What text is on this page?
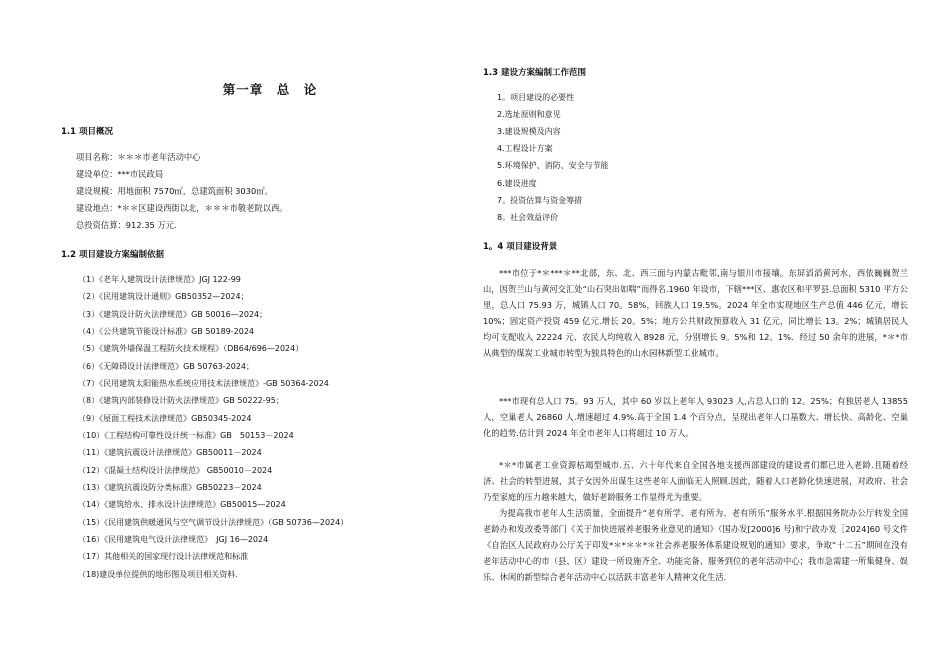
第一章　总　论
1.1 项目概况

项目名称：＊＊＊市老年活动中心

建设单位：***市民政局

建设规模：用地面积 7570㎡，总建筑面积 3030㎡。

建设地点：*＊＊区建设西街以北，＊＊＊市敬老院以西。

总投资估算：912.35 万元.

1.2 项目建设方案编制依据
（1）《老年人建筑设计法律规范》JGJ 122-99
（2）《民用建筑设计通则》GB50352—2024；
（3）《建筑设计防火法律规范》GB 50016—2024；
（4）《公共建筑节能设计标准》GB 50189-2024
（5）《建筑外墙保温工程防火技术规程》（DB64/696—2024）
（6）《无障碍设计法律规范》GB 50763-2024；
（7）《民用建筑太阳能热水系统应用技术法律规范》-GB 50364-2024
（8）《建筑内部装修设计防火法律规范》GB 50222-95；
（9）《屋面工程技术法律规范》GB50345-2024
（10）《工程结构可靠性设计统一标准》GB　50153－2024
（11）《建筑抗震设计法律规范》GB50011－2024
（12）《混凝土结构设计法律规范》 GB50010－2024
（13）《建筑抗震设防分类标准》GB50223－2024
（14）《建筑给水、排水设计法律规范》GB50015—2024
（15）《民用建筑供暖通风与空气调节设计法律规范》（GB 50736—2024）
（16）《民用建筑电气设计法律规范》　JGJ 16—2024
（17）其他相关的国家现行设计法律规范和标准
（18)建设单位提供的地形图及项目相关资料.
1.3 建设方案编制工作范围
1。项目建设的必要性
2.选址原则和意见
3.建设规模及内容
4.工程设计方案
5.环境保护、消防、安全与节能
6.建设进度
7。投资估算与资金筹措
8。社会效益评价
1。4 项目建设背景

***市位于*＊***＊**北部，东、北、西三面与内蒙古毗邻,南与银川市接壤。东屏滔滔黄河水，西依巍巍贺兰山，因贺兰山与黄河交汇处“山石突出如喘”而得名.1960 年设市，下辖***区、惠农区和平罗县.总面积 5310 平方公里，总人口 75.93 万，城镇人口 70。58%，回族人口 19.5%。2024 年全市实现地区生产总值 446 亿元，增长 10%；固定资产投资 459 亿元.增长 20。5%；地方公共财政预算收入 31 亿元，同比增长 13。2%；城镇居民人均可支配收入 22224 元、农民人均纯收入 8928 元，分别增长 9。5%和 12。1%．经过 50 余年的进展，*＊*市从典型的煤炭工业城市转型为独具特色的山水园林新型工业城市。

***市现有总人口 75。93 万人，其中 60 岁以上老年人 93023 人,占总人口的 12。25%；有独居老人 13855 人，空巢老人 26860 人.增速超过 4.9%.高于全国 1.4 个百分点，呈现出老年人口基数大、增长快、高龄化、空巢化的趋势.估计到 2024 年全市老年人口将超过 10 万人。

*＊*市属老工业资源枯竭型城市.五、六十年代来自全国各地支援西部建设的建设者们都已进入老龄.且随着经济、社会的转型进展，其子女因外出谋生这些老年人面临无人照顾.因此，随着人口老龄化快速进展，对政府、社会乃至家庭的压力越来越大，做好老龄服务工作显得尤为重要。

为提高我市老年人生活质量，全面提升“老有所学、老有所为、老有所乐”服务水平.根据国务院办公厅转发全国老龄办和发改委等部门《关于加快进展养老服务业意见的通知》（国办发[2000]6 号)和宁政办发［2024]60 号文件《自治区人民政府办公厅关于印发*＊*＊＊*＊社会养老服务体系建设规划的通知》要求，争取“十二五”期间在没有老年活动中心的市（县、区）建设一所设施齐全、功能完备、服务到位的老年活动中心；我市急需建一所集健身、娱乐、休闲的新型综合老年活动中心以活跃丰富老年人精神文化生活.
